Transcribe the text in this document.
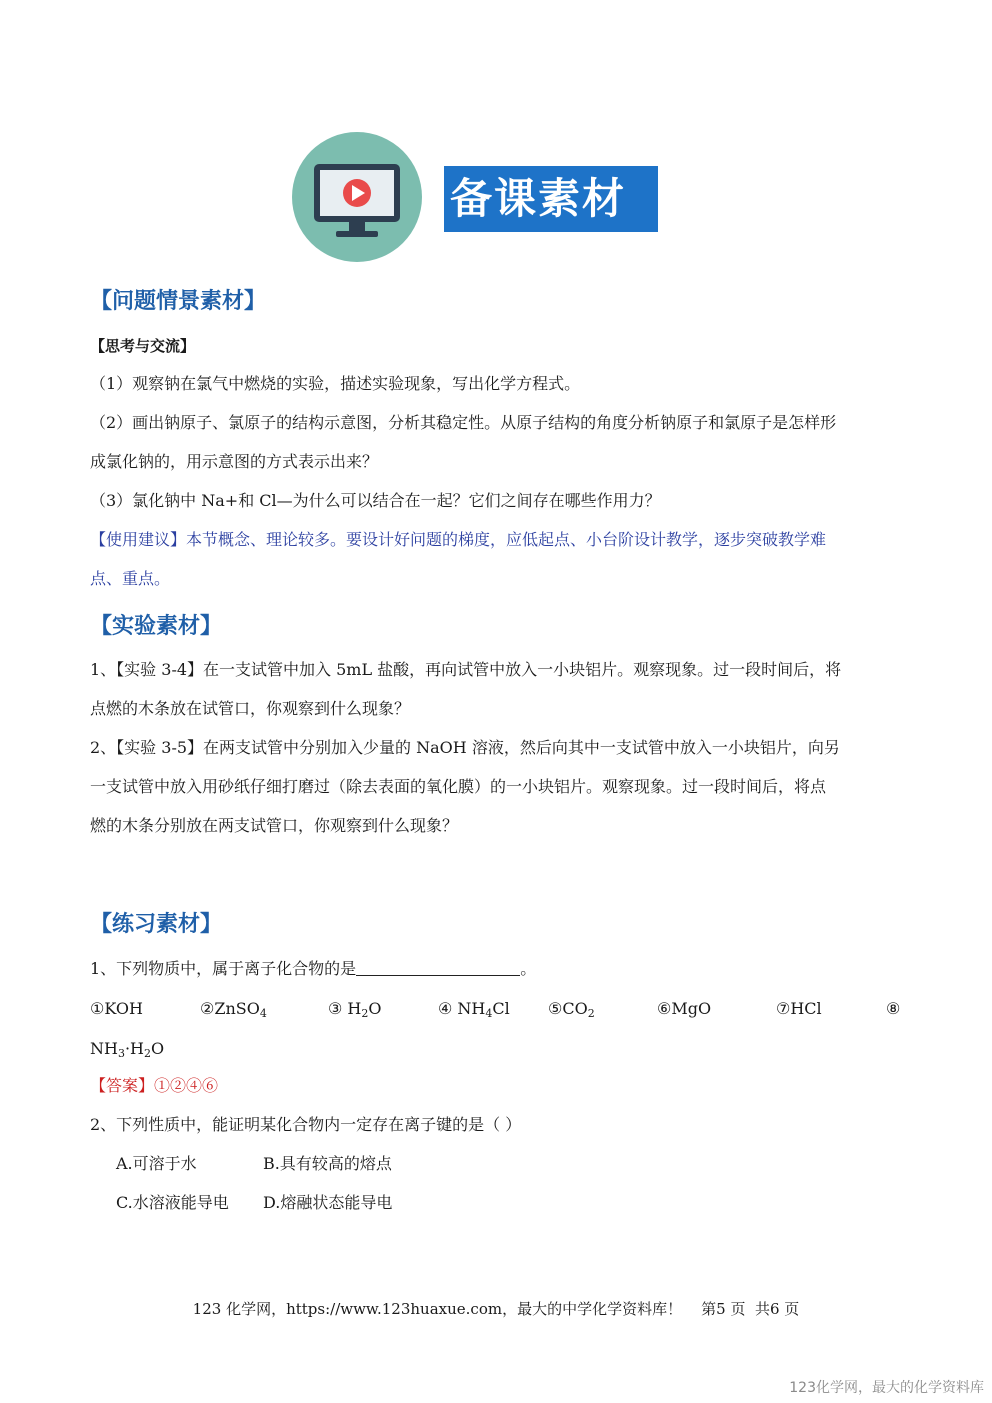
备课素材
【问题情景素材】
【思考与交流】
（1）观察钠在氯气中燃烧的实验，描述实验现象，写出化学方程式。
（2）画出钠原子、氯原子的结构示意图，分析其稳定性。从原子结构的角度分析钠原子和氯原子是怎样形
成氯化钠的，用示意图的方式表示出来？
（3）氯化钠中 Na+和 Cl—为什么可以结合在一起？它们之间存在哪些作用力？
【使用建议】本节概念、理论较多。要设计好问题的梯度，应低起点、小台阶设计教学，逐步突破教学难
点、重点。
【实验素材】
1、【实验 3-4】在一支试管中加入 5mL 盐酸，再向试管中放入一小块铝片。观察现象。过一段时间后，将
点燃的木条放在试管口，你观察到什么现象？
2、【实验 3-5】在两支试管中分别加入少量的 NaOH 溶液，然后向其中一支试管中放入一小块铝片，向另
一支试管中放入用砂纸仔细打磨过（除去表面的氧化膜）的一小块铝片。观察现象。过一段时间后，将点
燃的木条分别放在两支试管口，你观察到什么现象？
【练习素材】
1、下列物质中，属于离子化合物的是	。
①KOH	②ZnSO$_4$	③ $H_2O$	④ $NH_4Cl$ $⑤CO_2$	⑥MgO	⑦HCl	⑧
$NH_3\cdot H_2O$
【答案】①②④⑥
2、下列性质中，能证明某化合物内一定存在离子键的是（ ）
A.可溶于水	B.具有较高的熔点
C.水溶液能导电 D.熔融状态能导电
123 化学网，https://www.123huaxue.com，最大的中学化学资料库！    第5 页  共6 页
123化学网，最大的化学资料库
